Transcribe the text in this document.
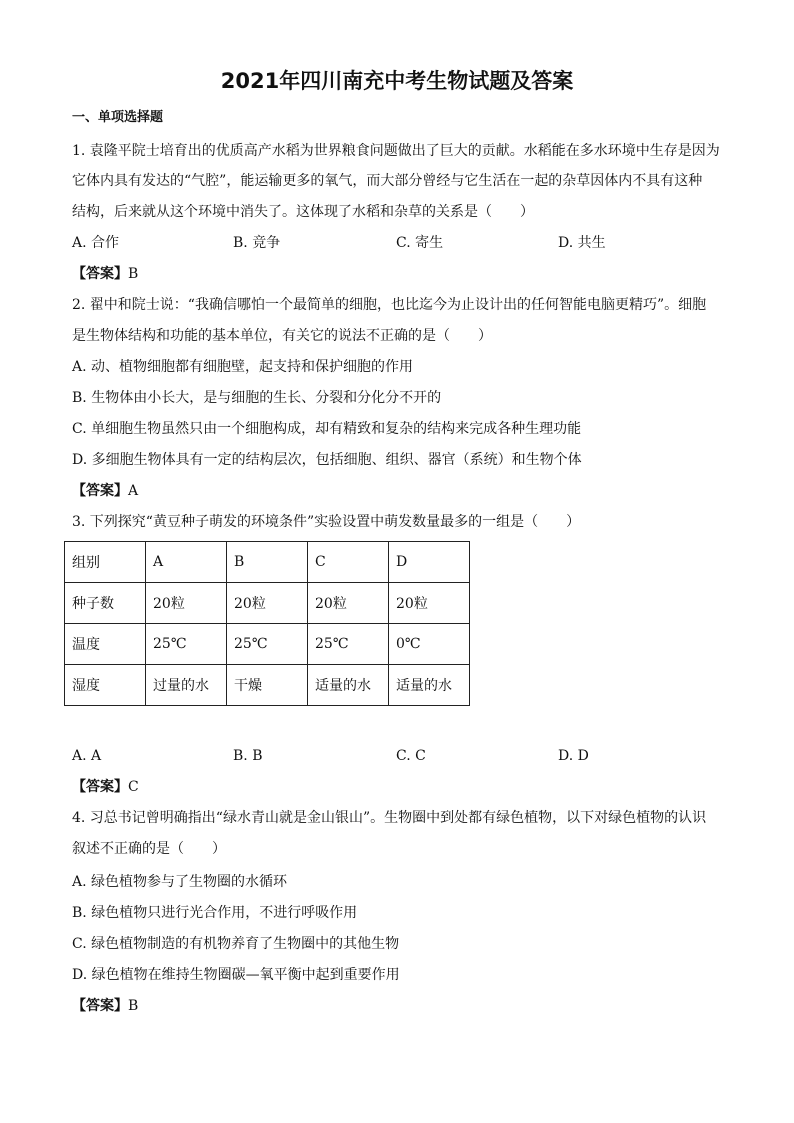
2021年四川南充中考生物试题及答案
一、单项选择题
1. 袁隆平院士培育出的优质高产水稻为世界粮食问题做出了巨大的贡献。水稻能在多水环境中生存是因为
它体内具有发达的“气腔”，能运输更多的氧气，而大部分曾经与它生活在一起的杂草因体内不具有这种
结构，后来就从这个环境中消失了。这体现了水稻和杂草的关系是（　　）
A. 合作	B. 竞争	C. 寄生	D. 共生
【答案】B
2. 翟中和院士说：“我确信哪怕一个最简单的细胞，也比迄今为止设计出的任何智能电脑更精巧”。细胞
是生物体结构和功能的基本单位，有关它的说法不正确的是（　　）
A. 动、植物细胞都有细胞壁，起支持和保护细胞的作用
B. 生物体由小长大，是与细胞的生长、分裂和分化分不开的
C. 单细胞生物虽然只由一个细胞构成，却有精致和复杂的结构来完成各种生理功能
D. 多细胞生物体具有一定的结构层次，包括细胞、组织、器官（系统）和生物个体
【答案】A
3. 下列探究“黄豆种子萌发的环境条件”实验设置中萌发数量最多的一组是（　　）
组别	A	B	C	D
种子数	20粒	20粒	20粒	20粒
温度	25℃	25℃	25℃	0℃
湿度	过量的水	干燥	适量的水	适量的水
A. A	B. B	C. C	D. D
【答案】C
4. 习总书记曾明确指出“绿水青山就是金山银山”。生物圈中到处都有绿色植物，以下对绿色植物的认识
叙述不正确的是（　　）
A. 绿色植物参与了生物圈的水循环
B. 绿色植物只进行光合作用，不进行呼吸作用
C. 绿色植物制造的有机物养育了生物圈中的其他生物
D. 绿色植物在维持生物圈碳—氧平衡中起到重要作用
【答案】B
